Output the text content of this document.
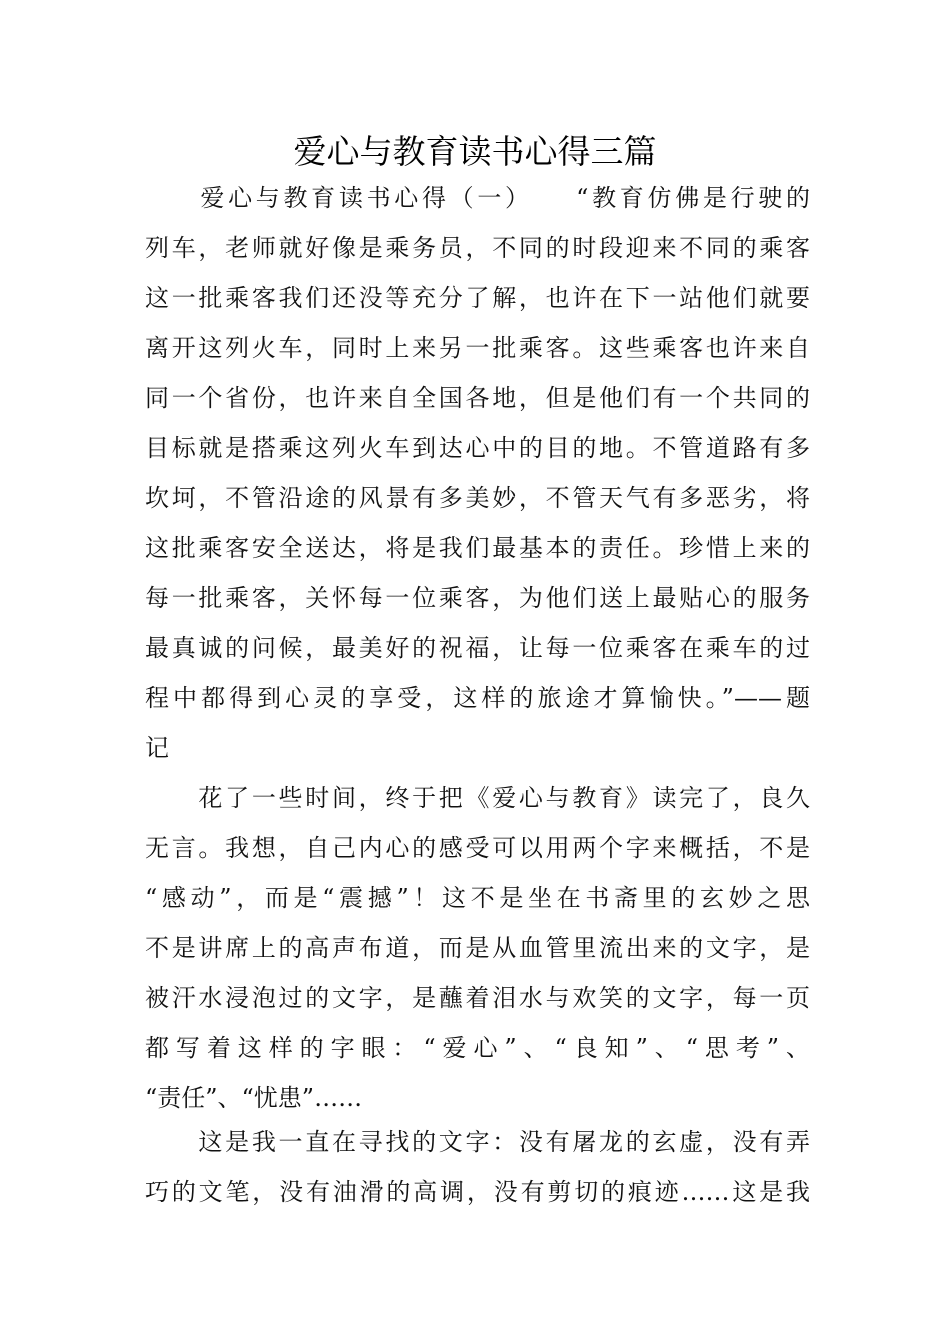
爱心与教育读书心得三篇
　　爱心与教育读书心得（一）　　“教育仿佛是行驶的
列车，老师就好像是乘务员，不同的时段迎来不同的乘客
这一批乘客我们还没等充分了解，也许在下一站他们就要
离开这列火车，同时上来另一批乘客。这些乘客也许来自
同一个省份，也许来自全国各地，但是他们有一个共同的
目标就是搭乘这列火车到达心中的目的地。不管道路有多
坎坷，不管沿途的风景有多美妙，不管天气有多恶劣，将
这批乘客安全送达，将是我们最基本的责任。珍惜上来的
每一批乘客，关怀每一位乘客，为他们送上最贴心的服务
最真诚的问候，最美好的祝福，让每一位乘客在乘车的过
程中都得到心灵的享受，这样的旅途才算愉快。”——题
记
　　花了一些时间，终于把《爱心与教育》读完了，良久
无言。我想，自己内心的感受可以用两个字来概括，不是
“感动”，而是“震撼”！这不是坐在书斋里的玄妙之思
不是讲席上的高声布道，而是从血管里流出来的文字，是
被汗水浸泡过的文字，是蘸着泪水与欢笑的文字，每一页
都写着这样的字眼：“爱心”、“良知”、“思考”、
“责任”、“忧患”……
　　这是我一直在寻找的文字：没有屠龙的玄虚，没有弄
巧的文笔，没有油滑的高调，没有剪切的痕迹……这是我
